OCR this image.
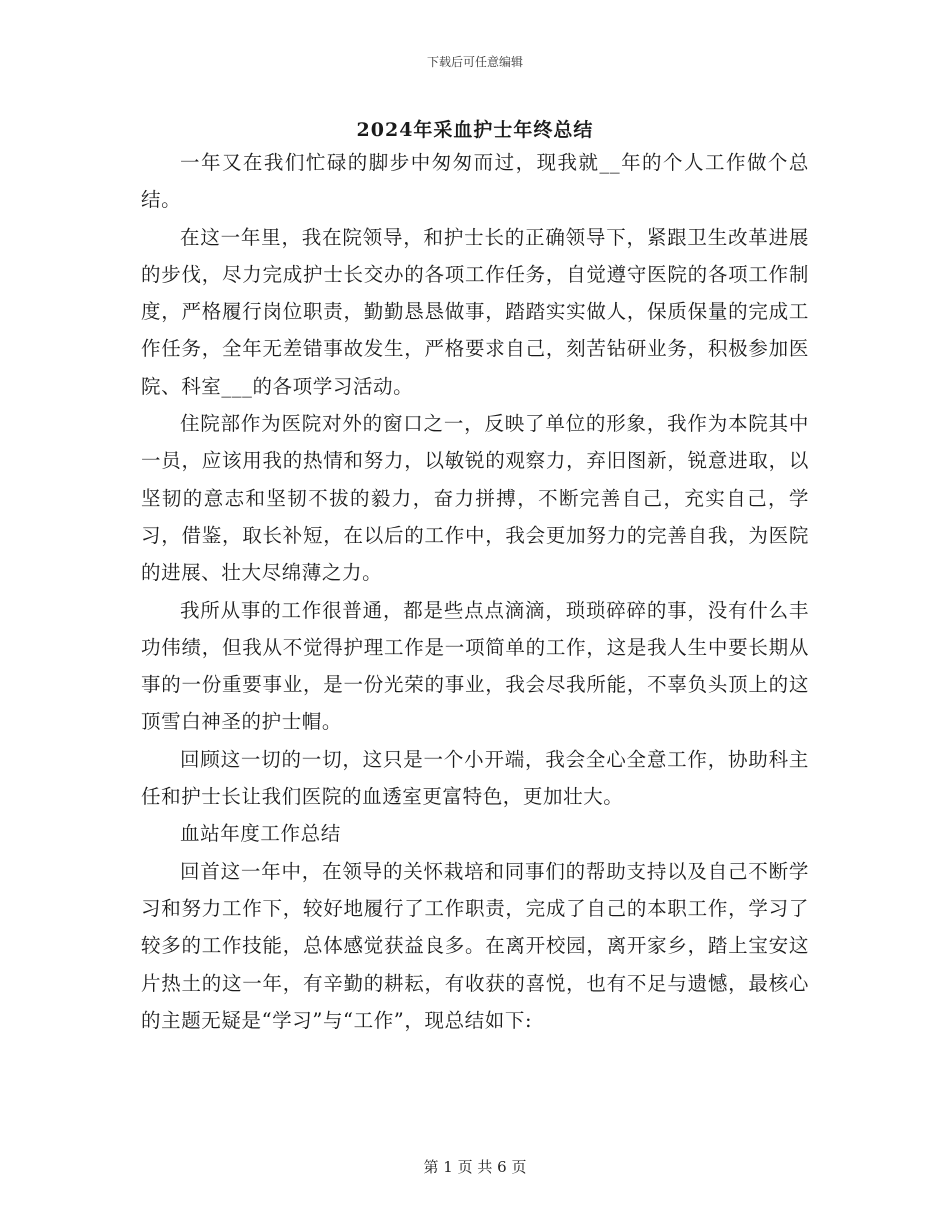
下载后可任意编辑
2024年采血护士年终总结

一年又在我们忙碌的脚步中匆匆而过，现我就__年的个人工作做个总结。

在这一年里，我在院领导，和护士长的正确领导下，紧跟卫生改革进展的步伐，尽力完成护士长交办的各项工作任务，自觉遵守医院的各项工作制度，严格履行岗位职责，勤勤恳恳做事，踏踏实实做人，保质保量的完成工作任务，全年无差错事故发生，严格要求自己，刻苦钻研业务，积极参加医院、科室___的各项学习活动。

住院部作为医院对外的窗口之一，反映了单位的形象，我作为本院其中一员，应该用我的热情和努力，以敏锐的观察力，弃旧图新，锐意进取，以坚韧的意志和坚韧不拔的毅力，奋力拼搏，不断完善自己，充实自己，学习，借鉴，取长补短，在以后的工作中，我会更加努力的完善自我，为医院的进展、壮大尽绵薄之力。

我所从事的工作很普通，都是些点点滴滴，琐琐碎碎的事，没有什么丰功伟绩，但我从不觉得护理工作是一项简单的工作，这是我人生中要长期从事的一份重要事业，是一份光荣的事业，我会尽我所能，不辜负头顶上的这顶雪白神圣的护士帽。

回顾这一切的一切，这只是一个小开端，我会全心全意工作，协助科主任和护士长让我们医院的血透室更富特色，更加壮大。

血站年度工作总结

回首这一年中，在领导的关怀栽培和同事们的帮助支持以及自己不断学习和努力工作下，较好地履行了工作职责，完成了自己的本职工作，学习了较多的工作技能，总体感觉获益良多。在离开校园，离开家乡，踏上宝安这片热土的这一年，有辛勤的耕耘，有收获的喜悦，也有不足与遗憾，最核心的主题无疑是“学习”与“工作”，现总结如下:

第 1 页 共 6 页
